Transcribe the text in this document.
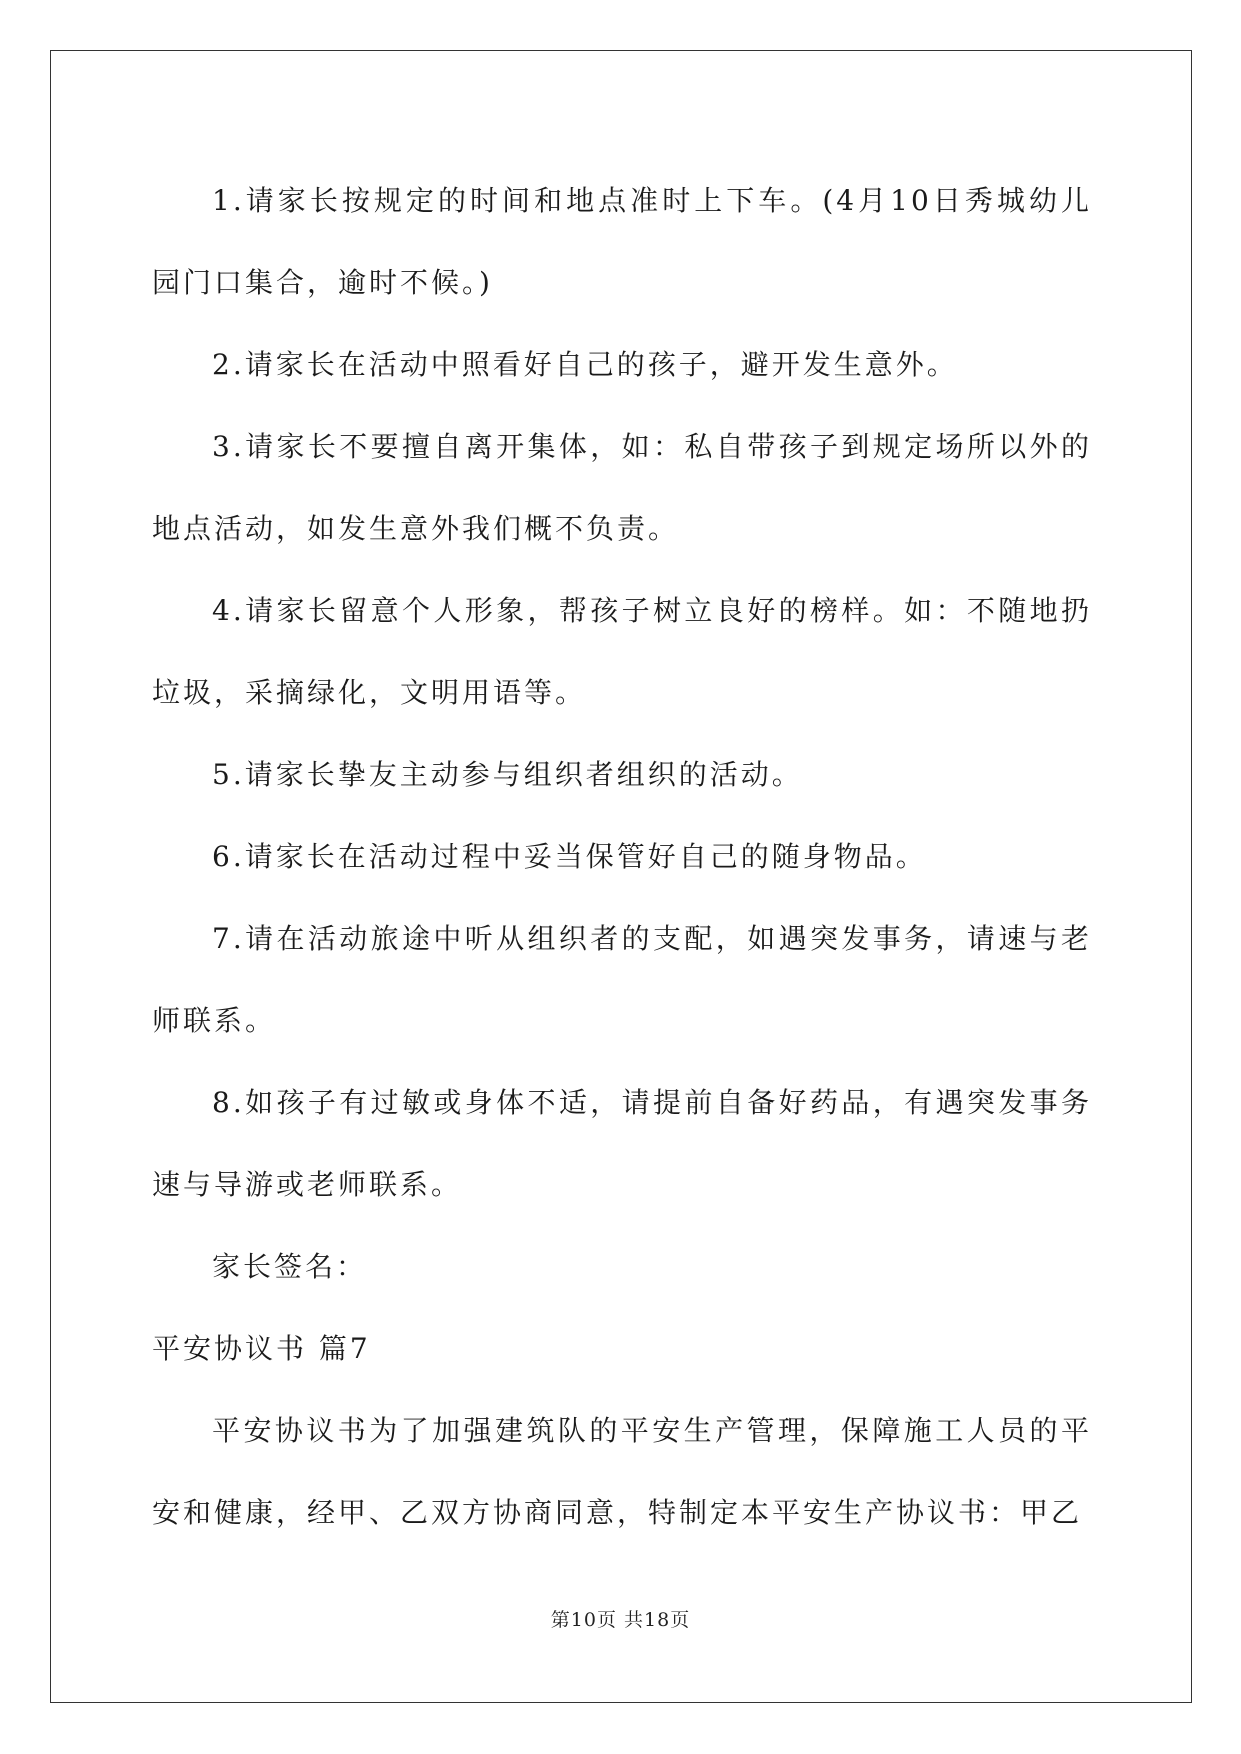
1.请家长按规定的时间和地点准时上下车。(4月10日秀城幼儿园门口集合，逾时不候。)

2.请家长在活动中照看好自己的孩子，避开发生意外。

3.请家长不要擅自离开集体，如：私自带孩子到规定场所以外的地点活动，如发生意外我们概不负责。

4.请家长留意个人形象，帮孩子树立良好的榜样。如：不随地扔垃圾，采摘绿化，文明用语等。

5.请家长挚友主动参与组织者组织的活动。

6.请家长在活动过程中妥当保管好自己的随身物品。

7.请在活动旅途中听从组织者的支配，如遇突发事务，请速与老师联系。

8.如孩子有过敏或身体不适，请提前自备好药品，有遇突发事务速与导游或老师联系。

家长签名：

平安协议书 篇7

平安协议书为了加强建筑队的平安生产管理，保障施工人员的平安和健康，经甲、乙双方协商同意，特制定本平安生产协议书：甲乙

第10页 共18页
